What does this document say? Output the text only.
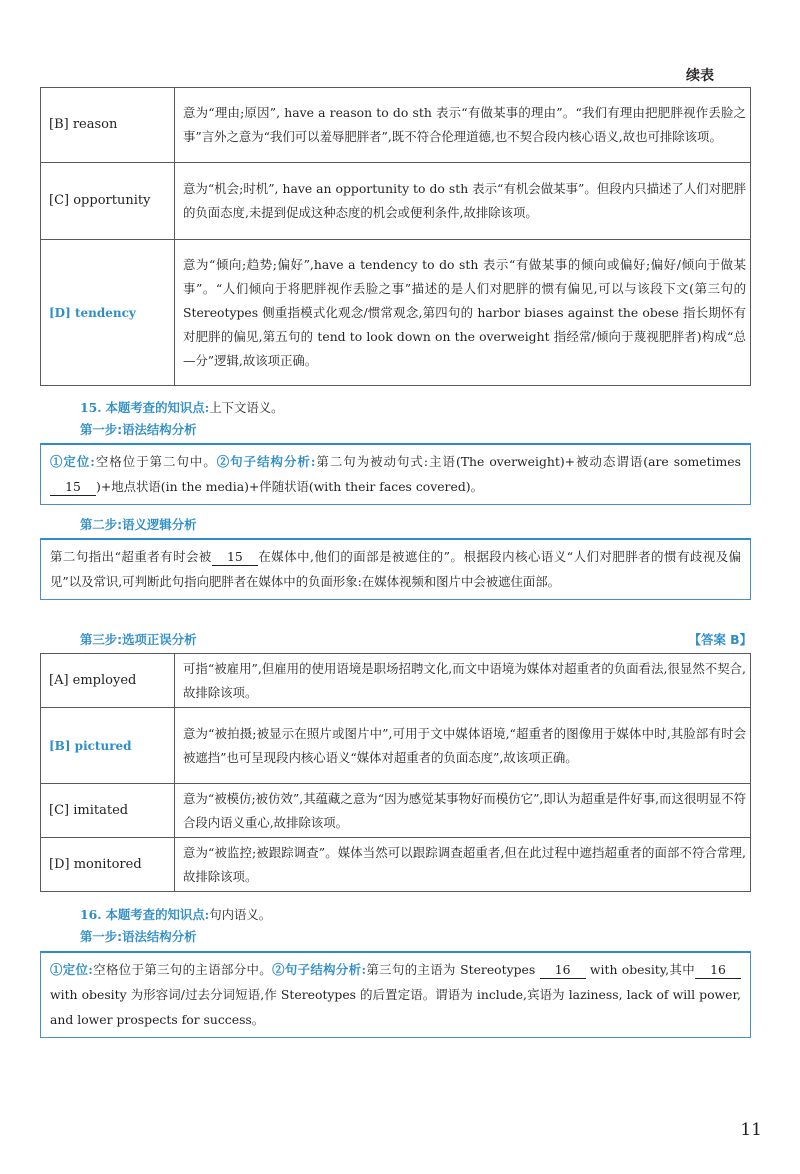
续表
[B] reason	意为“理由;原因”, have a reason to do sth 表示“有做某事的理由”。“我们有理由把肥胖视作丢脸之事”言外之意为“我们可以羞辱肥胖者”,既不符合伦理道德,也不契合段内核心语义,故也可排除该项。
[C] opportunity	意为“机会;时机”, have an opportunity to do sth 表示“有机会做某事”。但段内只描述了人们对肥胖的负面态度,未提到促成这种态度的机会或便利条件,故排除该项。
[D] tendency	意为“倾向;趋势;偏好”,have a tendency to do sth 表示“有做某事的倾向或偏好;偏好/倾向于做某事”。“人们倾向于将肥胖视作丢脸之事”描述的是人们对肥胖的惯有偏见,可以与该段下文(第三句的 Stereotypes 侧重指模式化观念/惯常观念,第四句的 harbor biases against the obese 指长期怀有对肥胖的偏见,第五句的 tend to look down on the overweight 指经常/倾向于蔑视肥胖者)构成“总—分”逻辑,故该项正确。
15. 本题考查的知识点:上下文语义。
第一步:语法结构分析
①定位:空格位于第二句中。②句子结构分析:第二句为被动句式:主语(The overweight)+被动态谓语(are sometimes 15 )+地点状语(in the media)+伴随状语(with their faces covered)。
第二步:语义逻辑分析
第二句指出“超重者有时会被 15 在媒体中,他们的面部是被遮住的”。根据段内核心语义“人们对肥胖者的惯有歧视及偏见”以及常识,可判断此句指向肥胖者在媒体中的负面形象:在媒体视频和图片中会被遮住面部。
第三步:选项正误分析	【答案 B】
[A] employed	可指“被雇用”,但雇用的使用语境是职场招聘文化,而文中语境为媒体对超重者的负面看法,很显然不契合,故排除该项。
[B] pictured	意为“被拍摄;被显示在照片或图片中”,可用于文中媒体语境,“超重者的图像用于媒体中时,其脸部有时会被遮挡”也可呈现段内核心语义“媒体对超重者的负面态度”,故该项正确。
[C] imitated	意为“被模仿;被仿效”,其蕴藏之意为“因为感觉某事物好而模仿它”,即认为超重是件好事,而这很明显不符合段内语义重心,故排除该项。
[D] monitored	意为“被监控;被跟踪调查”。媒体当然可以跟踪调查超重者,但在此过程中遮挡超重者的面部不符合常理,故排除该项。
16. 本题考查的知识点:句内语义。
第一步:语法结构分析
①定位:空格位于第三句的主语部分中。②句子结构分析:第三句的主语为 Stereotypes 16 with obesity,其中 16 with obesity 为形容词/过去分词短语,作 Stereotypes 的后置定语。谓语为 include,宾语为 laziness, lack of will power, and lower prospects for success。
11
